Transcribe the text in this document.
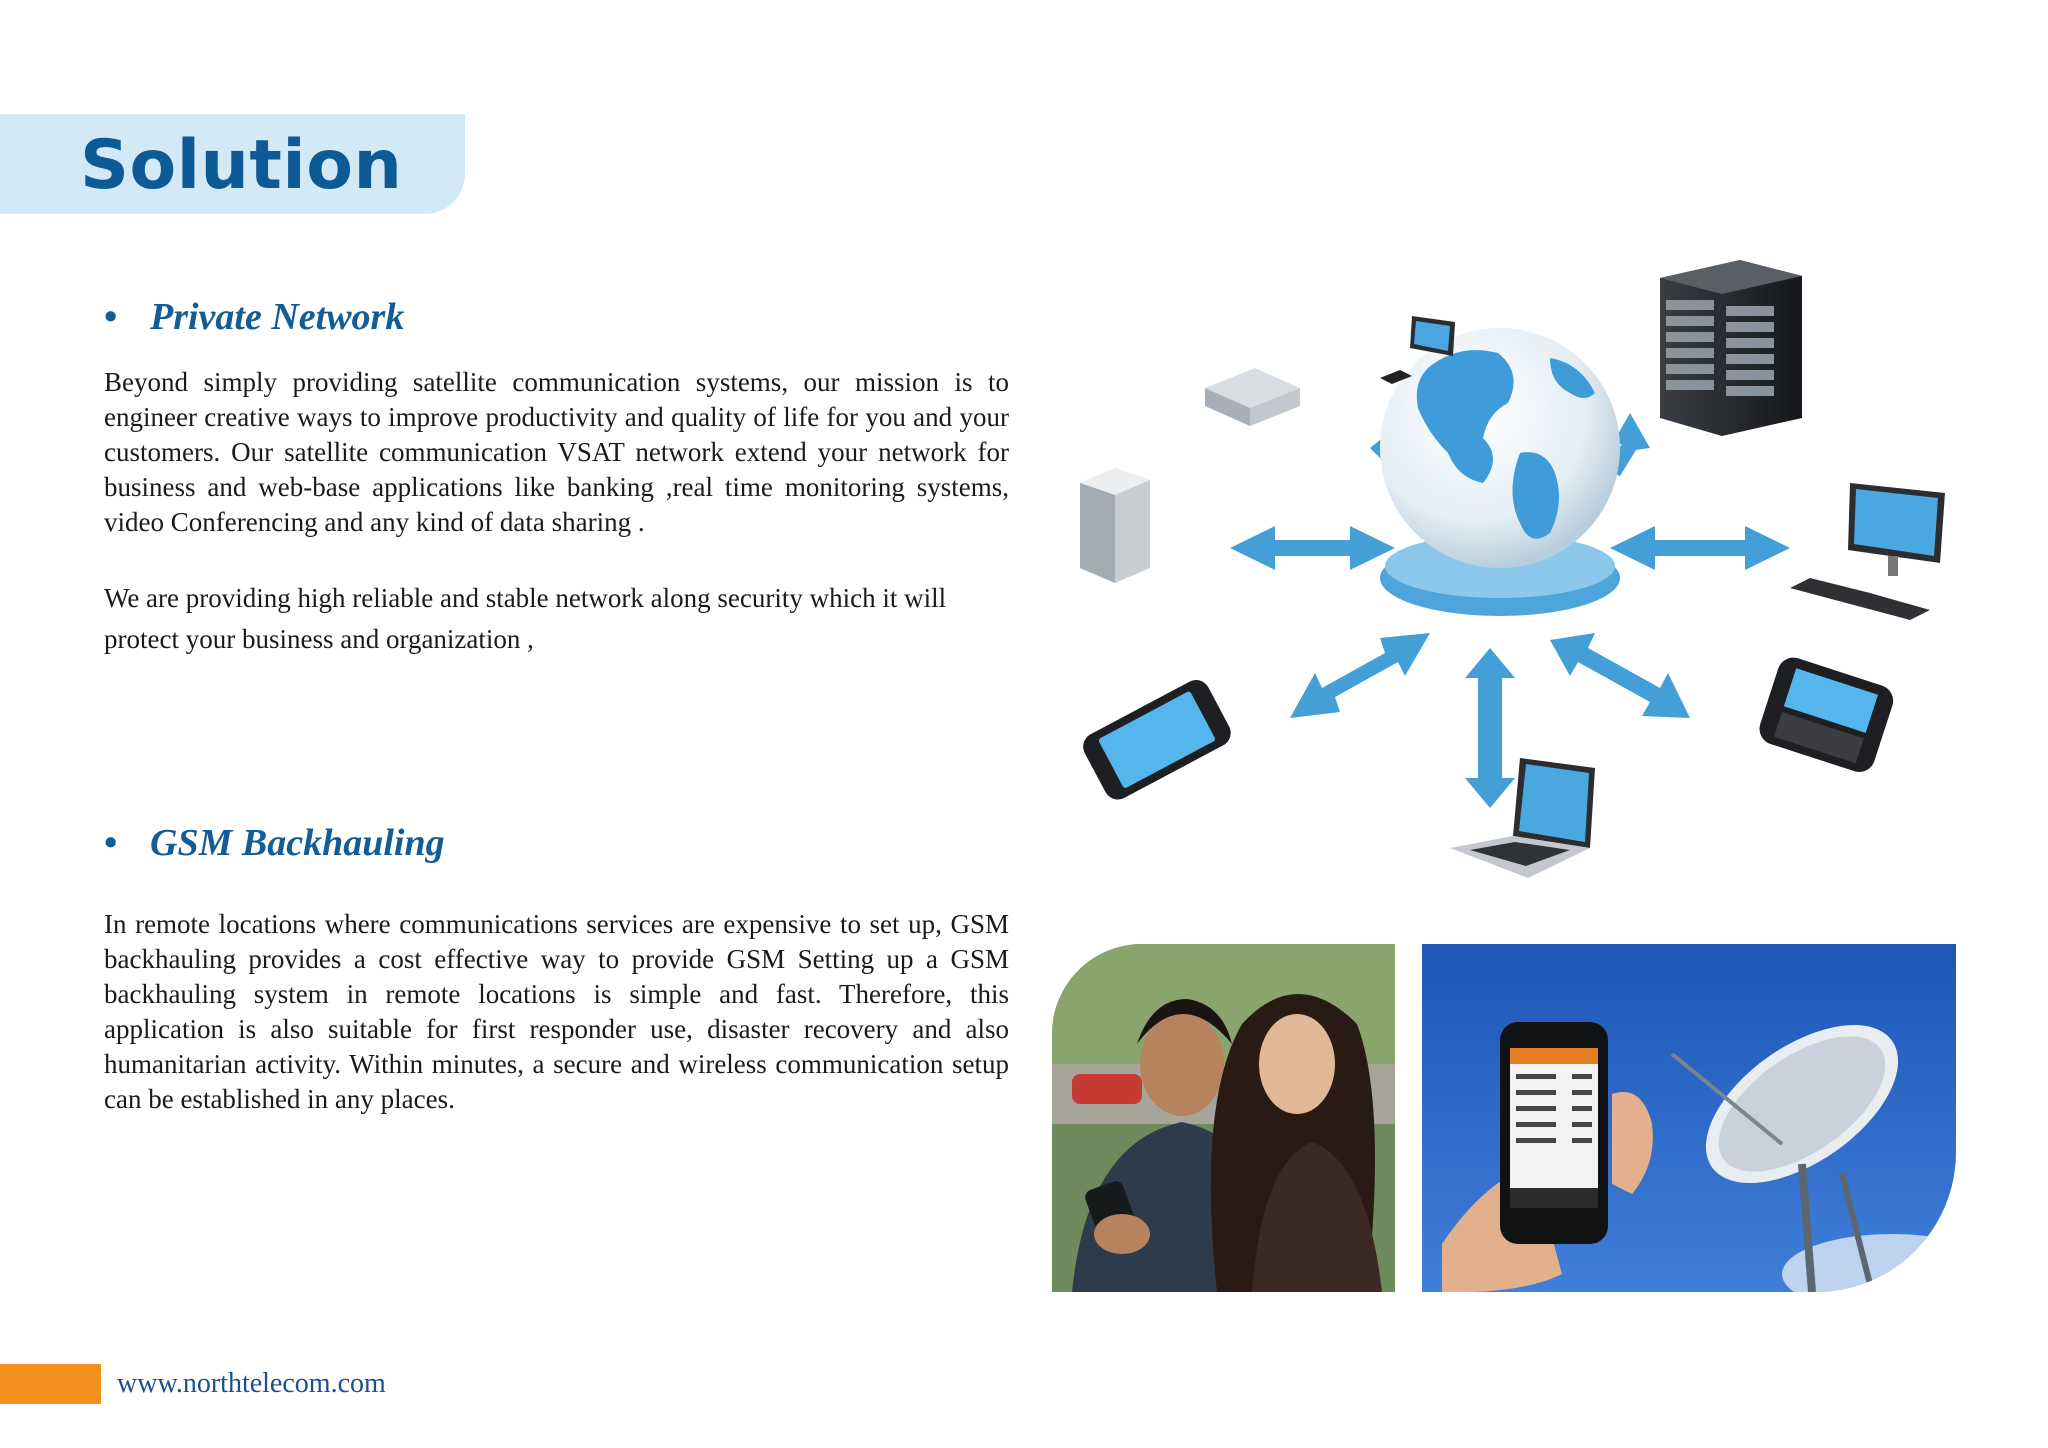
Solution
• Private Network

Beyond simply providing satellite communication systems, our mission is to engineer creative ways to improve productivity and quality of life for you and your customers. Our satellite communication VSAT network extend your network for business and web-base applications like banking ,real time monitoring systems, video Conferencing and any kind of data sharing .

We are providing high reliable and stable network along security which it will protect your business and organization ,

• GSM Backhauling

In remote locations where communications services are expensive to set up, GSM backhauling provides a cost effective way to provide GSM Setting up a GSM backhauling system in remote locations is simple and fast. Therefore, this application is also suitable for first responder use, disaster recovery and also humanitarian activity. Within minutes, a secure and wireless communication setup can be established in any places.

www.northtelecom.com
